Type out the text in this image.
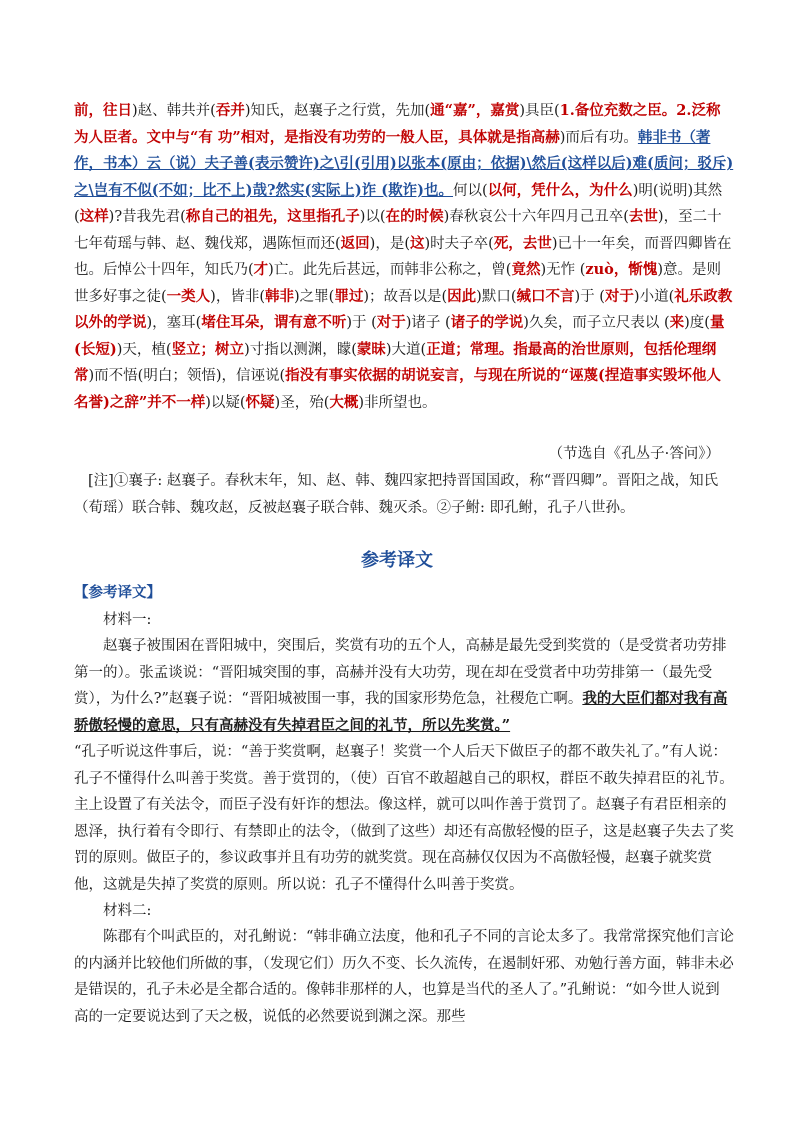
前，往日)赵、韩共并(吞并)知氏，赵襄子之行赏，先加(通“嘉”，嘉赏)具臣(1.备位充数之臣。2.泛称为人臣者。文中与“有 功”相对，是指没有功劳的一般人臣，具体就是指高赫)而后有功。韩非书（著作，书本）云（说）夫子善(表示赞许)之\引(引用)以张本(原由；依据)\然后(这样以后)难(质问；驳斥)之\岂有不似(不如；比不上)哉?然实(实际上)诈 (欺诈)也。何以(以何，凭什么，为什么)明(说明)其然(这样)?昔我先君(称自己的祖先，这里指孔子)以(在的时候)春秋哀公十六年四月己丑卒(去世)，至二十七年荀瑶与韩、赵、魏伐郑，遇陈恒而还(返回)，是(这)时夫子卒(死，去世)已十一年矣，而晋四卿皆在也。后悼公十四年，知氏乃(才)亡。此先后甚远，而韩非公称之，曾(竟然)无怍 (zuò，惭愧)意。是则世多好事之徒(一类人)，皆非(韩非)之罪(罪过)；故吾以是(因此)默口(缄口不言)于 (对于)小道(礼乐政教以外的学说)，塞耳(堵住耳朵，谓有意不听)于 (对于)诸子 (诸子的学说)久矣，而子立尺表以 (来)度(量(长短))天，植(竖立；树立)寸指以测渊，矇(蒙昧)大道(正道；常理。指最高的治世原则，包括伦理纲常)而不悟(明白；领悟)，信诬说(指没有事实依据的胡说妄言，与现在所说的“诬蔑(捏造事实毁坏他人名誉)之辞”并不一样)以疑(怀疑)圣，殆(大概)非所望也。
（节选自《孔丛子·答问》）
[注]①襄子: 赵襄子。春秋末年，知、赵、韩、魏四家把持晋国国政，称“晋四卿”。晋阳之战，知氏（荀瑶）联合韩、魏攻赵，反被赵襄子联合韩、魏灭杀。②子鲋: 即孔鲋，孔子八世孙。
参考译文
【参考译文】
材料一:
赵襄子被围困在晋阳城中，突围后，奖赏有功的五个人，高赫是最先受到奖赏的（是受赏者功劳排第一的）。张孟谈说：“晋阳城突围的事，高赫并没有大功劳，现在却在受赏者中功劳排第一（最先受赏），为什么?”赵襄子说：“晋阳城被围一事，我的国家形势危急，社稷危亡啊。我的大臣们都对我有高骄傲轻慢的意思，只有高赫没有失掉君臣之间的礼节，所以先奖赏。”
“孔子听说这件事后，说：“善于奖赏啊，赵襄子！奖赏一个人后天下做臣子的都不敢失礼了。”有人说：孔子不懂得什么叫善于奖赏。善于赏罚的，（使）百官不敢超越自己的职权，群臣不敢失掉君臣的礼节。主上设置了有关法令，而臣子没有奸诈的想法。像这样，就可以叫作善于赏罚了。赵襄子有君臣相亲的恩泽，执行着有令即行、有禁即止的法令，（做到了这些）却还有高傲轻慢的臣子，这是赵襄子失去了奖罚的原则。做臣子的，参议政事并且有功劳的就奖赏。现在高赫仅仅因为不高傲轻慢，赵襄子就奖赏他，这就是失掉了奖赏的原则。所以说：孔子不懂得什么叫善于奖赏。
材料二:
陈郡有个叫武臣的，对孔鲋说：“韩非确立法度，他和孔子不同的言论太多了。我常常探究他们言论的内涵并比较他们所做的事，（发现它们）历久不变、长久流传，在遏制奸邪、劝勉行善方面，韩非未必是错误的，孔子未必是全都合适的。像韩非那样的人，也算是当代的圣人了。”孔鲋说：“如今世人说到高的一定要说达到了天之极，说低的必然要说到渊之深。那些
